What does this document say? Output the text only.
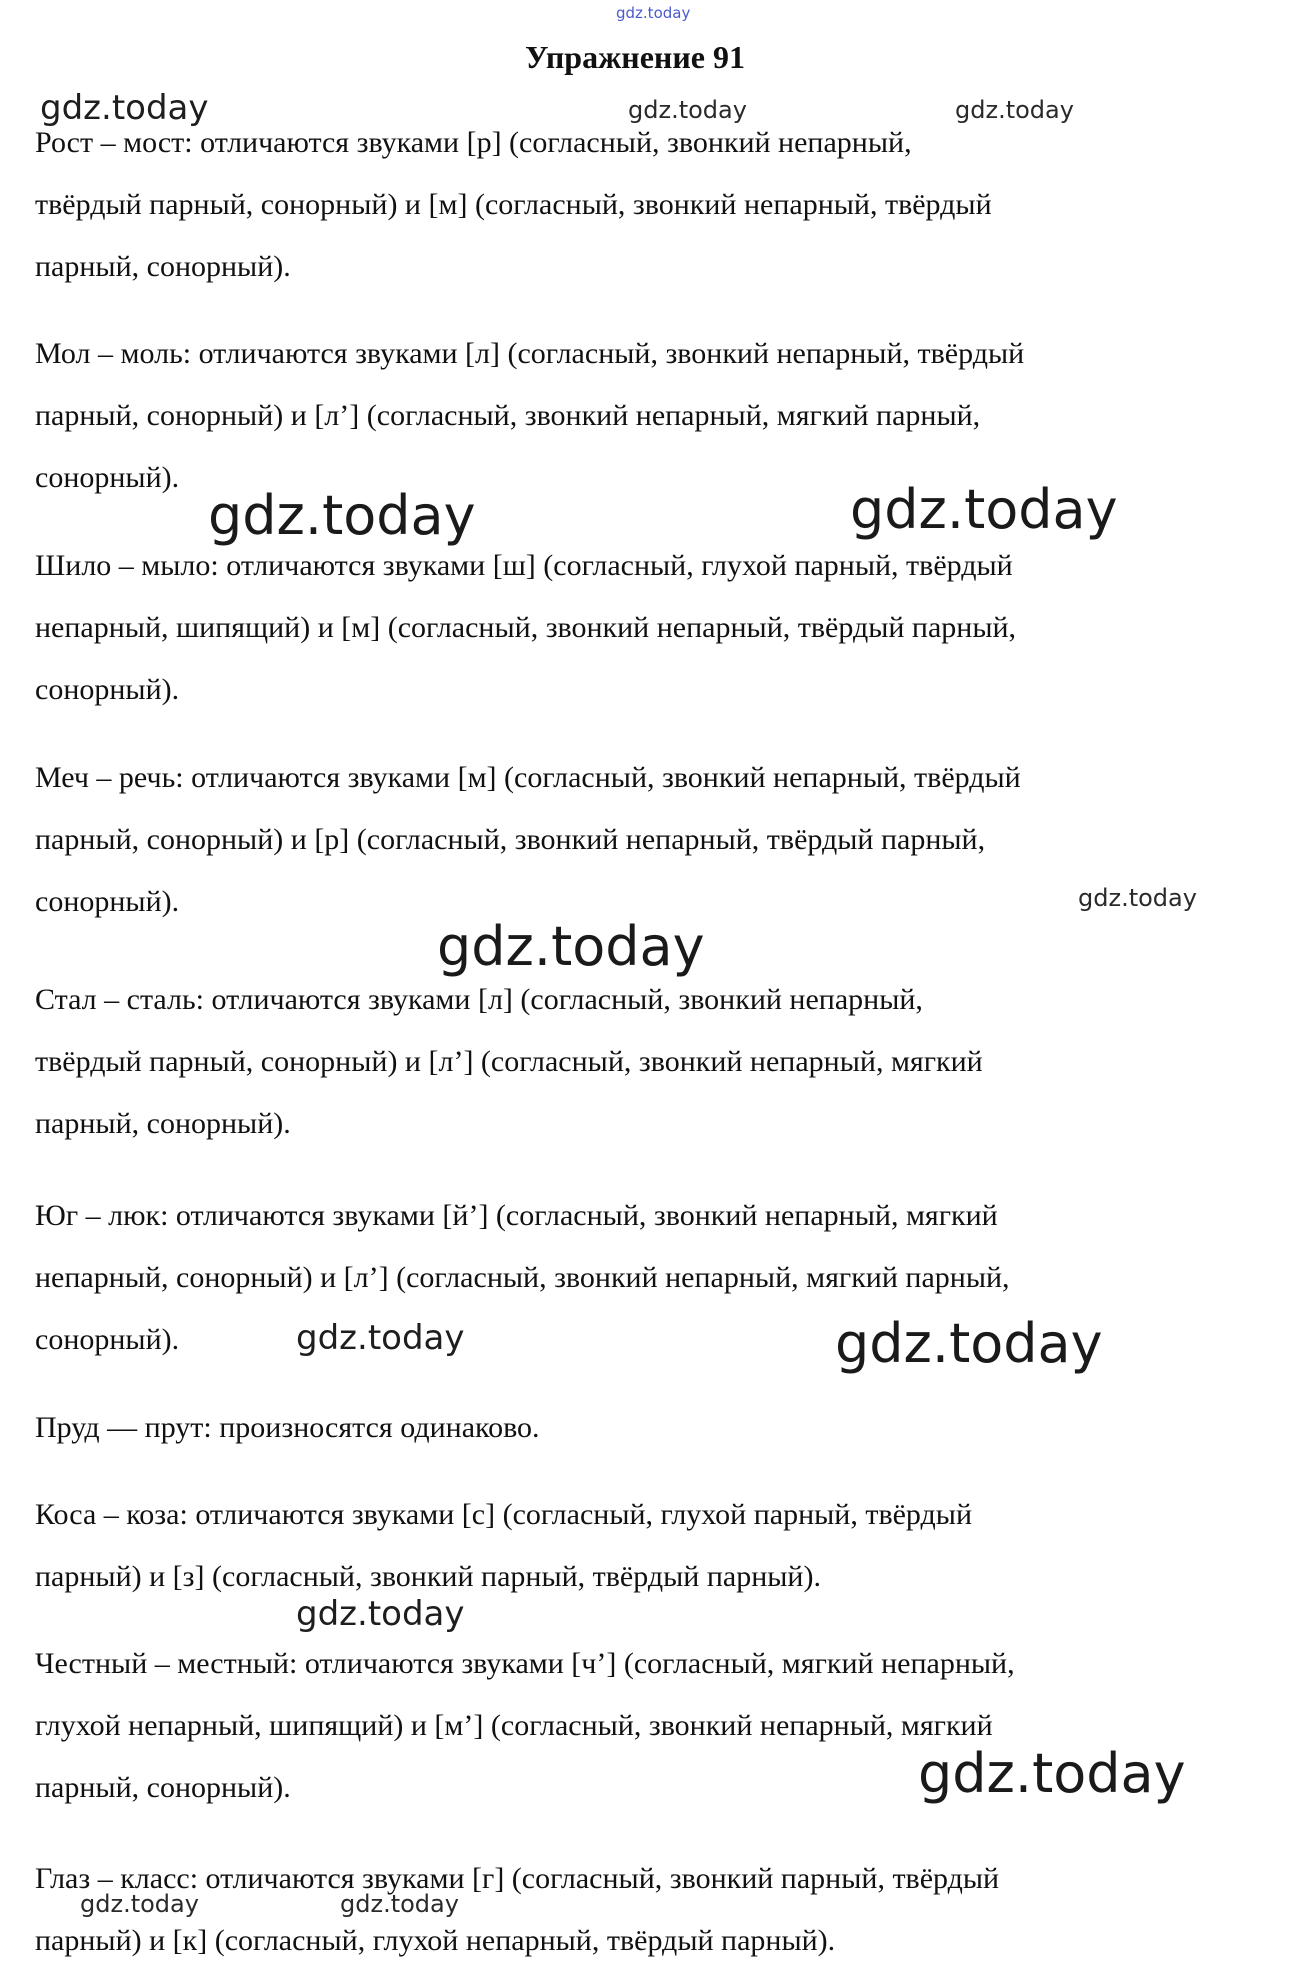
gdz.today
Упражнение 91
gdz.today	gdz.today	gdz.today
Рост – мост: отличаются звуками [р] (согласный, звонкий непарный,
твёрдый парный, сонорный) и [м] (согласный, звонкий непарный, твёрдый
парный, сонорный).
Мол – моль: отличаются звуками [л] (согласный, звонкий непарный, твёрдый
парный, сонорный) и [л’] (согласный, звонкий непарный, мягкий парный,
сонорный).
gdz.today	gdz.today
Шило – мыло: отличаются звуками [ш] (согласный, глухой парный, твёрдый
непарный, шипящий) и [м] (согласный, звонкий непарный, твёрдый парный,
сонорный).
Меч – речь: отличаются звуками [м] (согласный, звонкий непарный, твёрдый
парный, сонорный) и [р] (согласный, звонкий непарный, твёрдый парный,
сонорный).	gdz.today
gdz.today
Стал – сталь: отличаются звуками [л] (согласный, звонкий непарный,
твёрдый парный, сонорный) и [л’] (согласный, звонкий непарный, мягкий
парный, сонорный).
Юг – люк: отличаются звуками [й’] (согласный, звонкий непарный, мягкий
непарный, сонорный) и [л’] (согласный, звонкий непарный, мягкий парный,
сонорный).	gdz.today	gdz.today
Пруд — прут: произносятся одинаково.
Коса – коза: отличаются звуками [с] (согласный, глухой парный, твёрдый
парный) и [з] (согласный, звонкий парный, твёрдый парный).
gdz.today
Честный – местный: отличаются звуками [ч’] (согласный, мягкий непарный,
глухой непарный, шипящий) и [м’] (согласный, звонкий непарный, мягкий
парный, сонорный).	gdz.today
Глаз – класс: отличаются звуками [г] (согласный, звонкий парный, твёрдый
парный) и [к] (согласный, глухой непарный, твёрдый парный).
gdz.today	gdz.today
